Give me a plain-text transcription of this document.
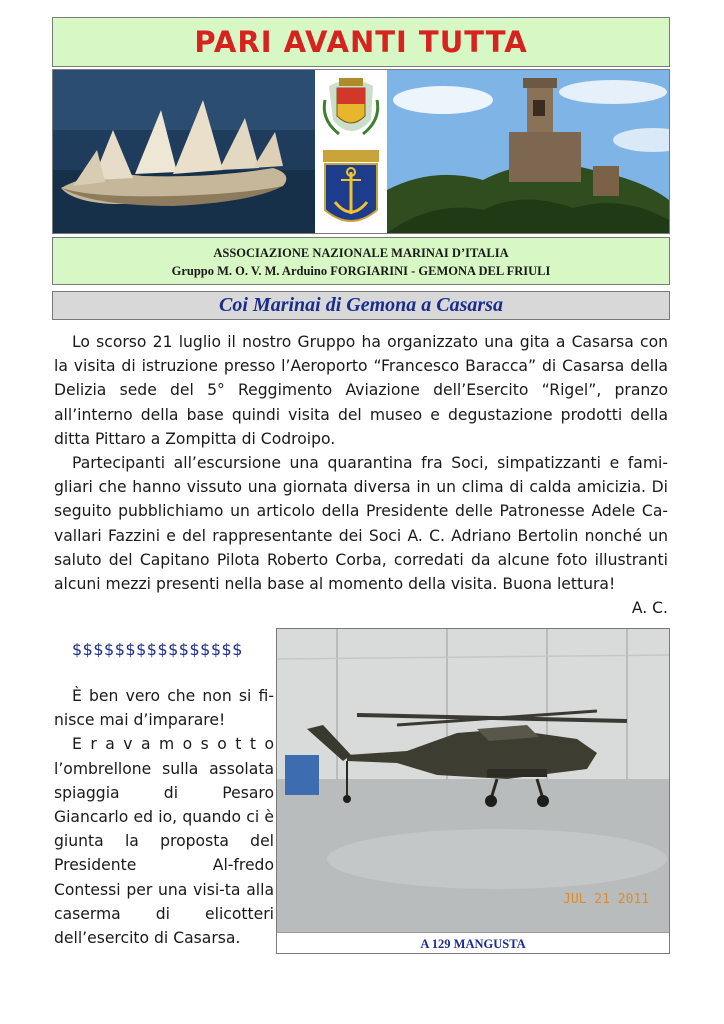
PARI AVANTI TUTTA
ASSOCIAZIONE NAZIONALE MARINAI D’ITALIA
Gruppo M. O. V. M. Arduino FORGIARINI - GEMONA DEL FRIULI
Coi Marinai di Gemona a Casarsa

Lo scorso 21 luglio il nostro Gruppo ha organizzato una gita a Casarsa con la visita di istruzione presso l’Aeroporto “Francesco Baracca” di Casarsa della Delizia sede del 5° Reggimento Aviazione dell’Esercito “Rigel”, pranzo all’interno della base quindi visita del museo e degustazione prodotti della ditta Pittaro a Zompitta di Codroipo.

Partecipanti all’escursione una quarantina fra Soci, simpatizzanti e fami-gliari che hanno vissuto una giornata diversa in un clima di calda amicizia. Di seguito pubblichiamo un articolo della Presidente delle Patronesse Adele Ca-vallari Fazzini e del rappresentante dei Soci A. C. Adriano Bertolin nonché un saluto del Capitano Pilota Roberto Corba, corredati da alcune foto illustranti alcuni mezzi presenti nella base al momento della visita. Buona lettura!

A. C.
$$$$$$$$$$$$$$$$

È ben vero che non si fi-nisce mai d’imparare!

E r a v a m o s o t t o l’ombrellone sulla assolata spiaggia di Pesaro Giancarlo ed io, quando ci è giunta la proposta del Presidente Al-fredo Contessi per una visi-ta alla caserma di elicotteri dell’esercito di Casarsa.

JUL 21 2011
A 129 MANGUSTA
